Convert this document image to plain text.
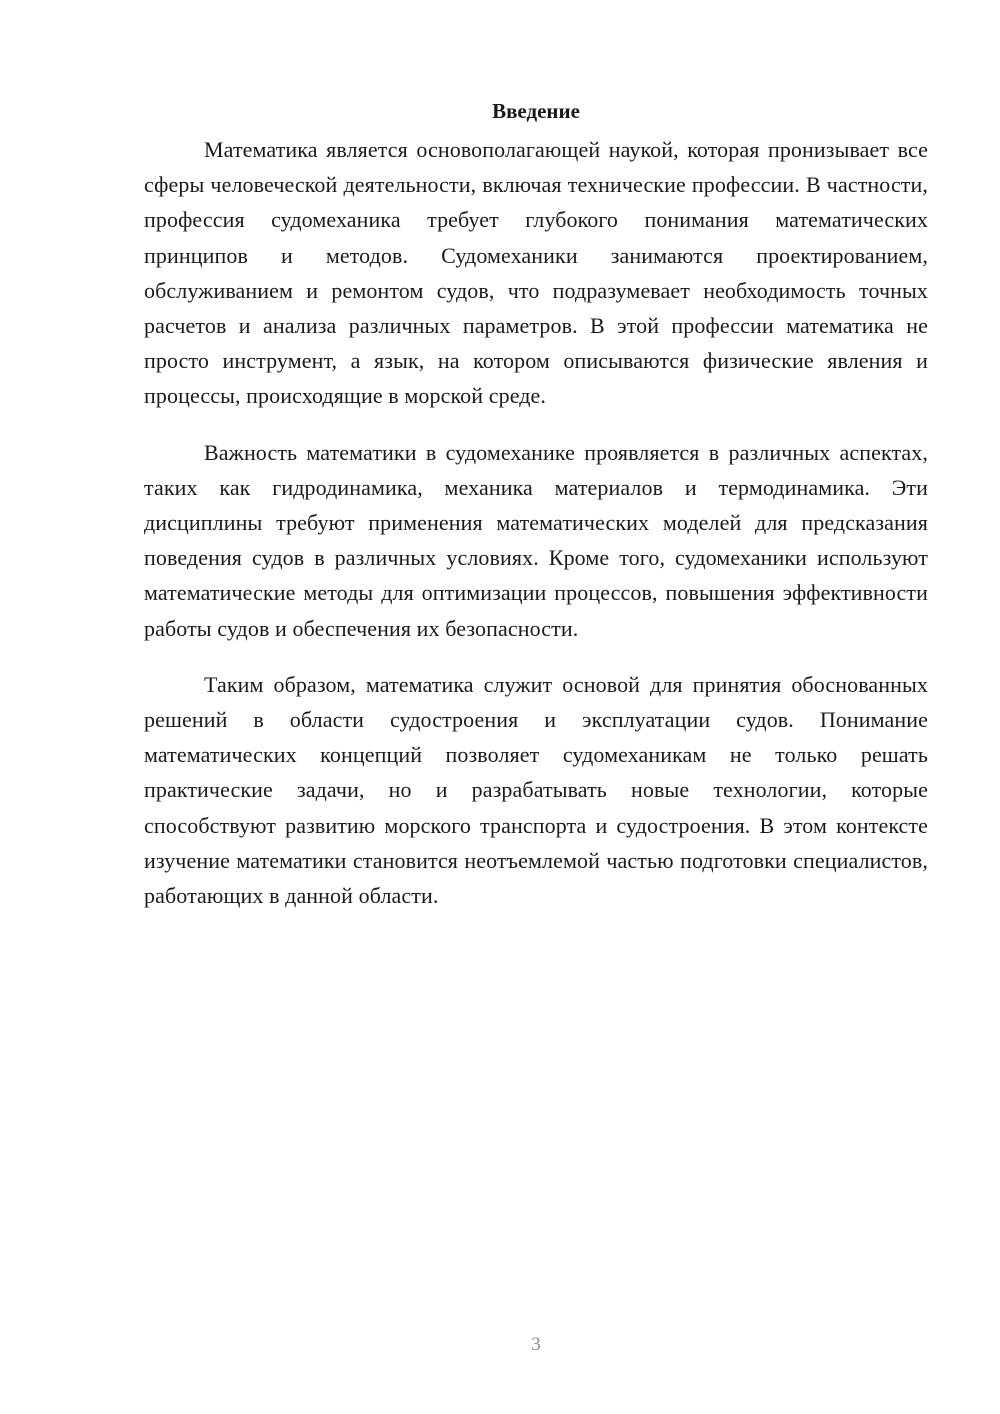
Введение

Математика является основополагающей наукой, которая пронизывает все сферы человеческой деятельности, включая технические профессии. В частности, профессия судомеханика требует глубокого понимания математических принципов и методов. Судомеханики занимаются проектированием, обслуживанием и ремонтом судов, что подразумевает необходимость точных расчетов и анализа различных параметров. В этой профессии математика не просто инструмент, а язык, на котором описываются физические явления и процессы, происходящие в морской среде.

Важность математики в судомеханике проявляется в различных аспектах, таких как гидродинамика, механика материалов и термодинамика. Эти дисциплины требуют применения математических моделей для предсказания поведения судов в различных условиях. Кроме того, судомеханики используют математические методы для оптимизации процессов, повышения эффективности работы судов и обеспечения их безопасности.

Таким образом, математика служит основой для принятия обоснованных решений в области судостроения и эксплуатации судов. Понимание математических концепций позволяет судомеханикам не только решать практические задачи, но и разрабатывать новые технологии, которые способствуют развитию морского транспорта и судостроения. В этом контексте изучение математики становится неотъемлемой частью подготовки специалистов, работающих в данной области.

3
